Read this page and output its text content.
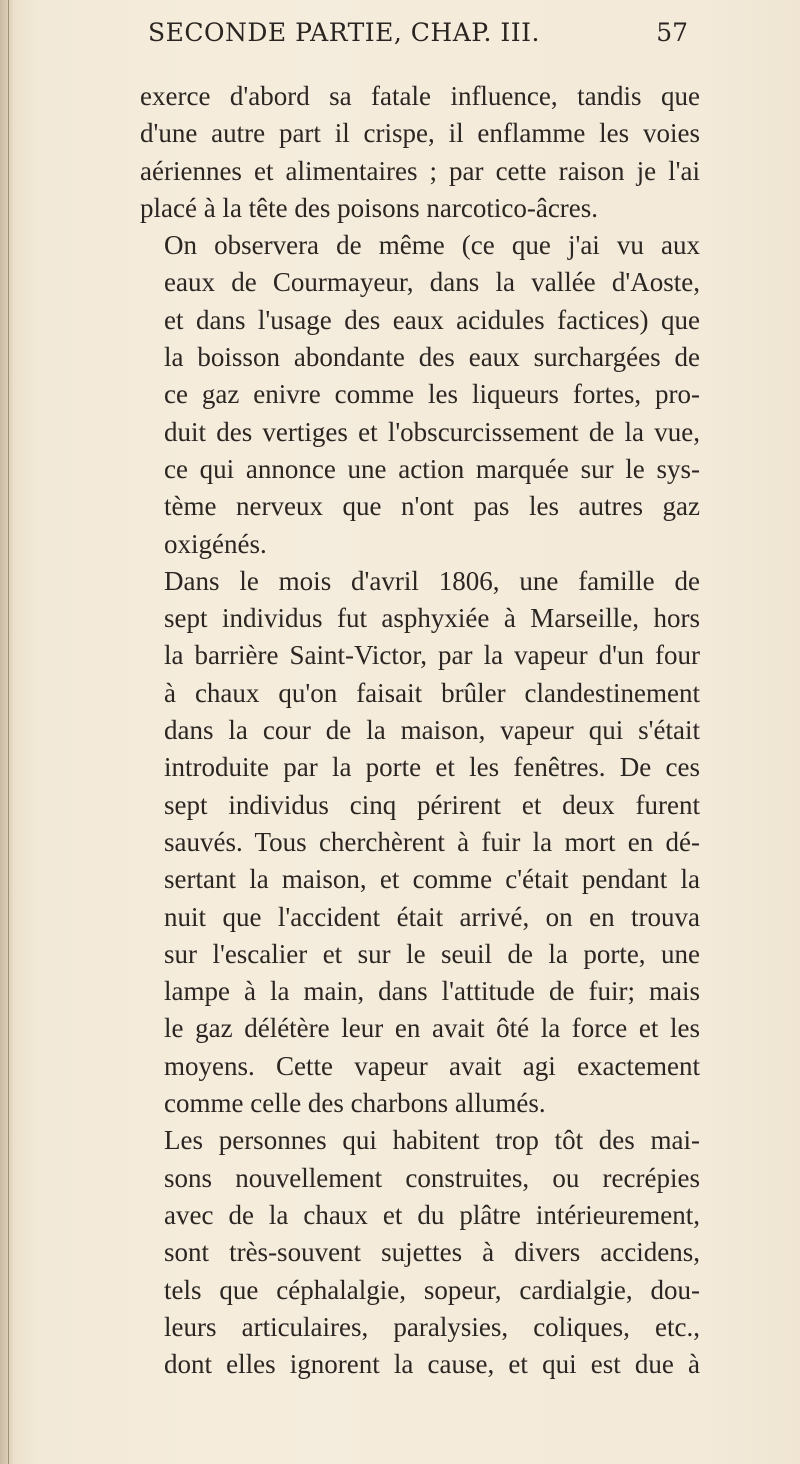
SECONDE PARTIE, CHAP. III.	57

exerce d'abord sa fatale influence, tandis que
d'une autre part il crispe, il enflamme les voies
aériennes et alimentaires ; par cette raison je l'ai
placé à la tête des poisons narcotico-âcres.

On observera de même (ce que j'ai vu aux
eaux de Courmayeur, dans la vallée d'Aoste,
et dans l'usage des eaux acidules factices) que
la boisson abondante des eaux surchargées de
ce gaz enivre comme les liqueurs fortes, pro-
duit des vertiges et l'obscurcissement de la vue,
ce qui annonce une action marquée sur le sys-
tème nerveux que n'ont pas les autres gaz
oxigénés.

Dans le mois d'avril 1806, une famille de
sept individus fut asphyxiée à Marseille, hors
la barrière Saint-Victor, par la vapeur d'un four
à chaux qu'on faisait brûler clandestinement
dans la cour de la maison, vapeur qui s'était
introduite par la porte et les fenêtres. De ces
sept individus cinq périrent et deux furent
sauvés. Tous cherchèrent à fuir la mort en dé-
sertant la maison, et comme c'était pendant la
nuit que l'accident était arrivé, on en trouva
sur l'escalier et sur le seuil de la porte, une
lampe à la main, dans l'attitude de fuir; mais
le gaz délétère leur en avait ôté la force et les
moyens. Cette vapeur avait agi exactement
comme celle des charbons allumés.

Les personnes qui habitent trop tôt des mai-
sons nouvellement construites, ou recrépies
avec de la chaux et du plâtre intérieurement,
sont très-souvent sujettes à divers accidens,
tels que céphalalgie, sopeur, cardialgie, dou-
leurs articulaires, paralysies, coliques, etc.,
dont elles ignorent la cause, et qui est due à
